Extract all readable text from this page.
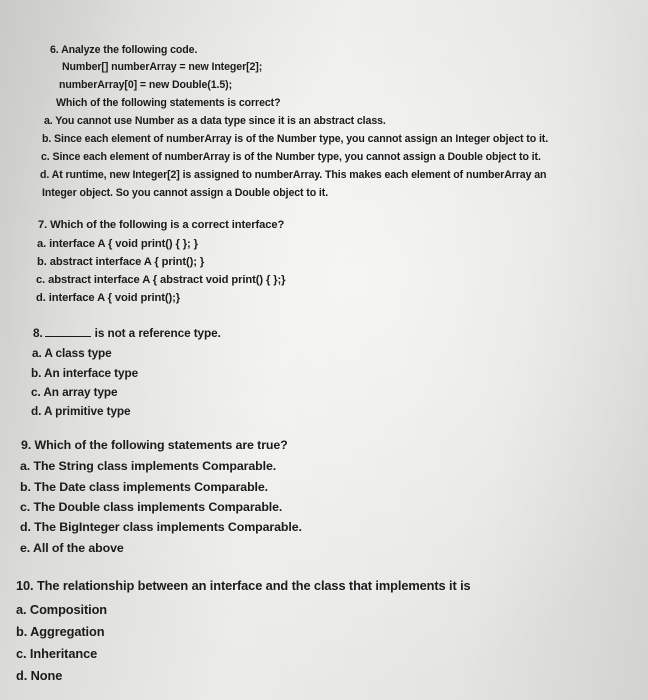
6. Analyze the following code.
Number[] numberArray = new Integer[2];
numberArray[0] = new Double(1.5);
Which of the following statements is correct?
a. You cannot use Number as a data type since it is an abstract class.
b. Since each element of numberArray is of the Number type, you cannot assign an Integer object to it.
c. Since each element of numberArray is of the Number type, you cannot assign a Double object to it.
d. At runtime, new Integer[2] is assigned to numberArray. This makes each element of numberArray an
Integer object. So you cannot assign a Double object to it.
7. Which of the following is a correct interface?
a. interface A { void print() { }; }
b. abstract interface A { print(); }
c. abstract interface A { abstract void print() { };}
d. interface A { void print();}
8.	is not a reference type.
a. A class type
b. An interface type
c. An array type
d. A primitive type
9. Which of the following statements are true?
a. The String class implements Comparable.
b. The Date class implements Comparable.
c. The Double class implements Comparable.
d. The BigInteger class implements Comparable.
e. All of the above
10. The relationship between an interface and the class that implements it is
a. Composition
b. Aggregation
c. Inheritance
d. None
